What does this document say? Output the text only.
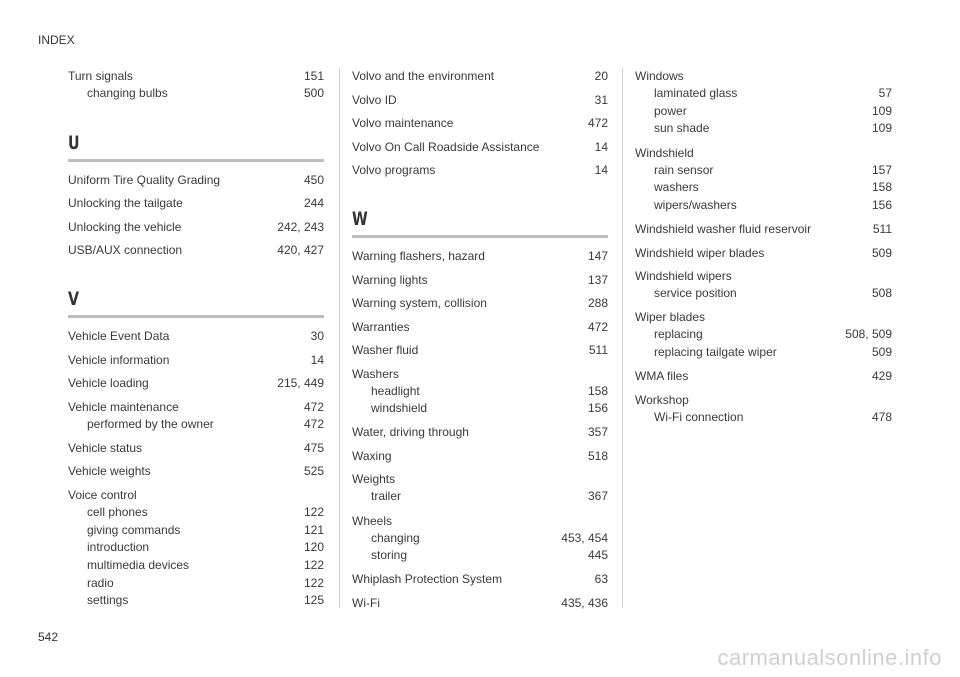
INDEX
Turn signals	151
changing bulbs	500
U
Uniform Tire Quality Grading	450
Unlocking the tailgate	244
Unlocking the vehicle	242, 243
USB/AUX connection	420, 427
V
Vehicle Event Data	30
Vehicle information	14
Vehicle loading	215, 449
Vehicle maintenance	472
performed by the owner	472
Vehicle status	475
Vehicle weights	525
Voice control
cell phones	122
giving commands	121
introduction	120
multimedia devices	122
radio	122
settings	125
Volvo and the environment	20
Volvo ID	31
Volvo maintenance	472
Volvo On Call Roadside Assistance	14
Volvo programs	14
W
Warning flashers, hazard	147
Warning lights	137
Warning system, collision	288
Warranties	472
Washer fluid	511
Washers
headlight	158
windshield	156
Water, driving through	357
Waxing	518
Weights
trailer	367
Wheels
changing	453, 454
storing	445
Whiplash Protection System	63
Wi-Fi	435, 436
Windows
laminated glass	57
power	109
sun shade	109
Windshield
rain sensor	157
washers	158
wipers/washers	156
Windshield washer fluid reservoir	511
Windshield wiper blades	509
Windshield wipers
service position	508
Wiper blades
replacing	508, 509
replacing tailgate wiper	509
WMA files	429
Workshop
Wi-Fi connection	478
542
carmanualsonline.info
